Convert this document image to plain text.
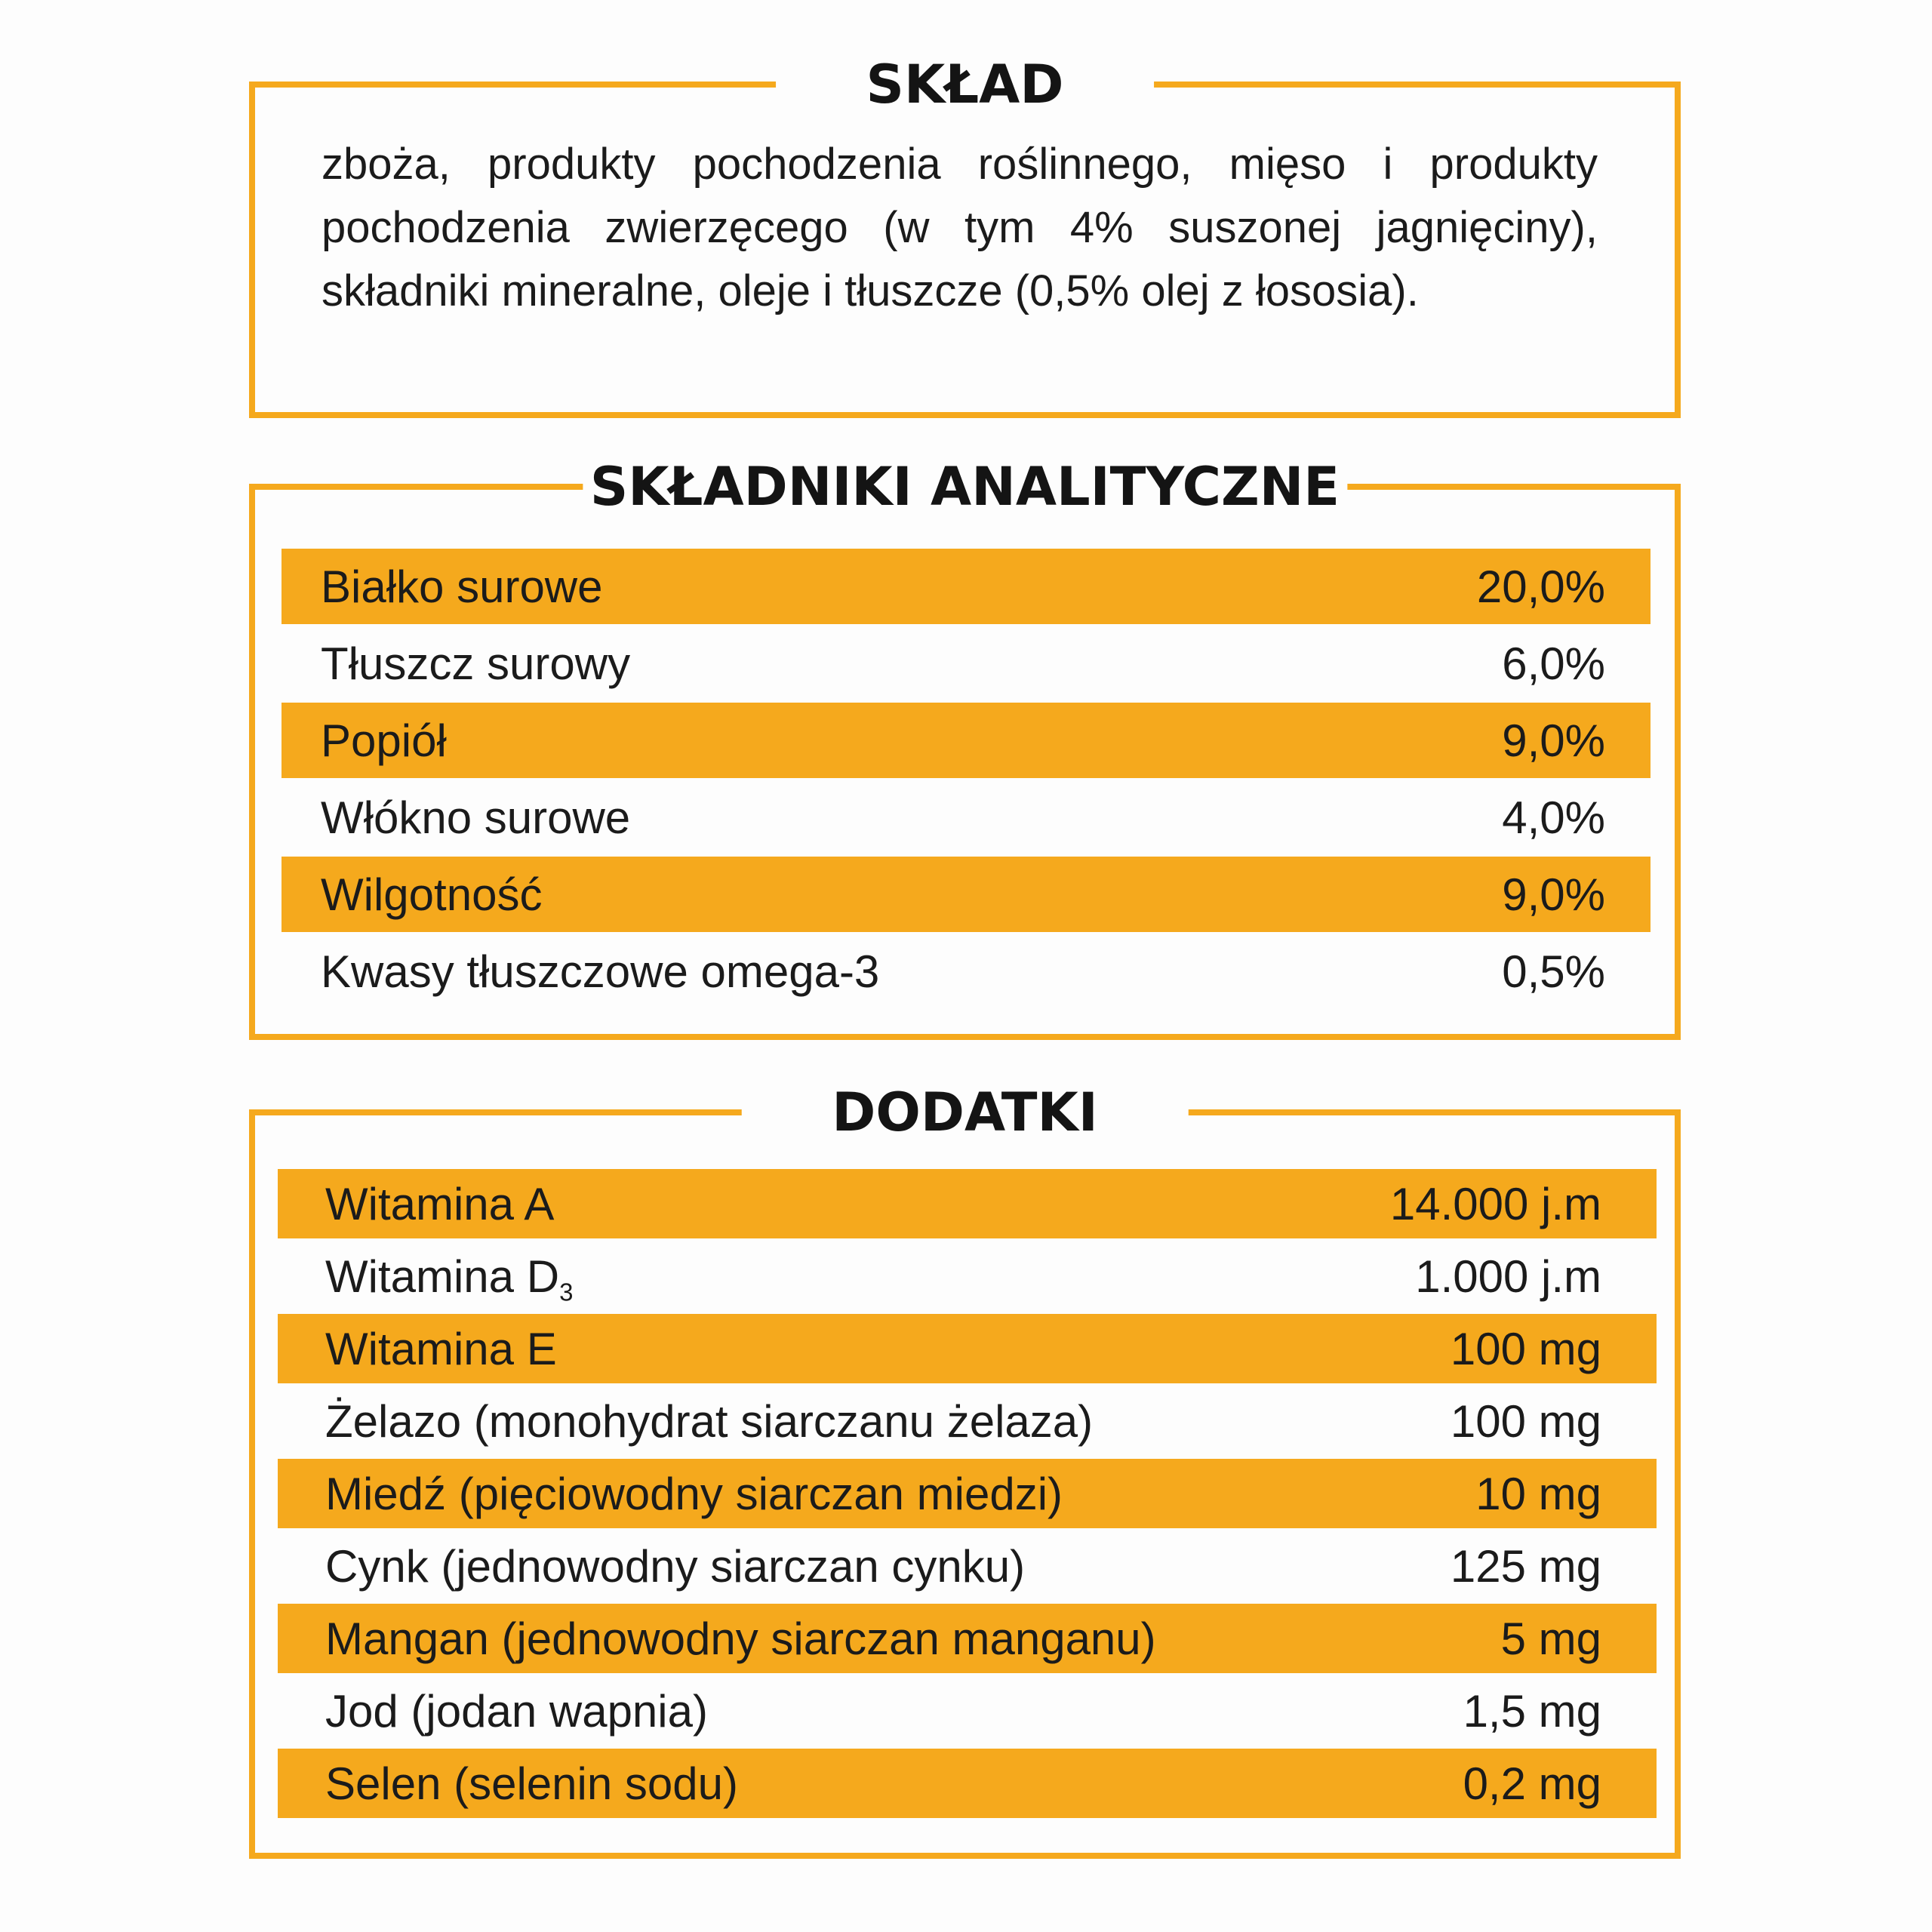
SKŁAD

zboża, produkty pochodzenia roślinnego, mięso i produkty pochodzenia zwierzęcego (w tym 4% suszonej jagnięciny), składniki mineralne, oleje i tłuszcze (0,5% olej z łososia).

SKŁADNIKI ANALITYCZNE
Białko surowe	20,0%
Tłuszcz surowy	6,0%
Popiół	9,0%
Włókno surowe	4,0%
Wilgotność	9,0%
Kwasy tłuszczowe omega-3	0,5%
DODATKI
Witamina A	14.000 j.m
Witamina $D_3$	1.000 j.m
Witamina E	100 mg
Żelazo (monohydrat siarczanu żelaza)	100 mg
Miedź (pięciowodny siarczan miedzi)	10 mg
Cynk (jednowodny siarczan cynku)	125 mg
Mangan (jednowodny siarczan manganu)	5 mg
Jod (jodan wapnia)	1,5 mg
Selen (selenin sodu)	0,2 mg
